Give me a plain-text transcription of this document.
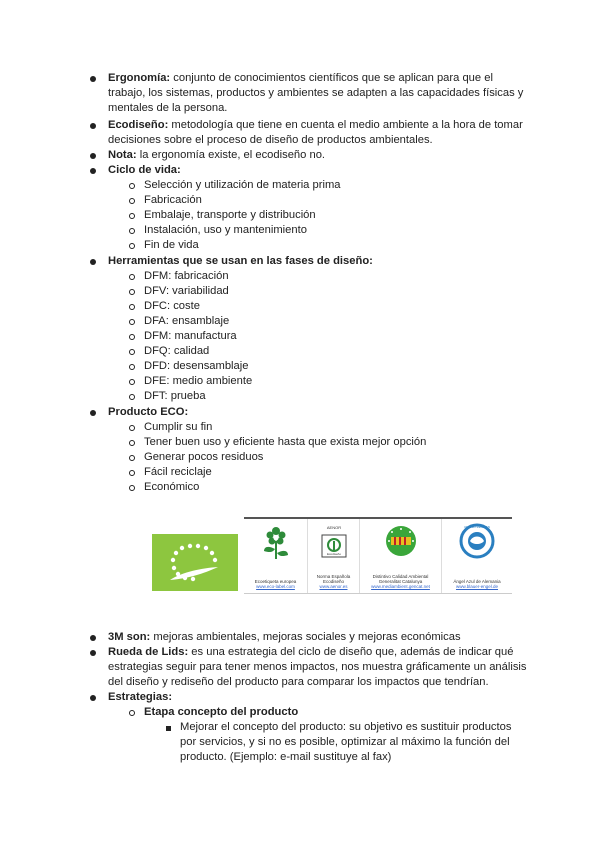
Ergonomía: conjunto de conocimientos científicos que se aplican para que el
trabajo, los sistemas, productos y ambientes se adapten a las capacidades físicas y
mentales de la persona.
Ecodiseño: metodología que tiene en cuenta el medio ambiente a la hora de tomar
decisiones sobre el proceso de diseño de productos ambientales.
Nota: la ergonomía existe, el ecodiseño no.
Ciclo de vida:
Selección y utilización de materia prima
Fabricación
Embalaje, transporte y distribución
Instalación, uso y mantenimiento
Fin de vida
Herramientas que se usan en las fases de diseño:
DFM: fabricación
DFV: variabilidad
DFC: coste
DFA: ensamblaje
DFM: manufactura
DFQ: calidad
DFD: desensamblaje
DFE: medio ambiente
DFT: prueba
Producto ECO:
Cumplir su fin
Tener buen uso y eficiente hasta que exista mejor opción
Generar pocos residuos
Fácil reciclaje
Económico
Ecoetiqueta europea
www.eco-label.com
AENOR
Ecodiseño
Norma Española Ecodiseño
www.aenor.es
Distintivo Calidad Ambiental Generalitat Catalunya
www.mediambient.gencat.net
UMWELTZEICHEN
Ángel Azul de Alemania
www.blauer-engel.de
3M son: mejoras ambientales, mejoras sociales y mejoras económicas
Rueda de Lids: es una estrategia del ciclo de diseño que, además de indicar qué
estrategias seguir para tener menos impactos, nos muestra gráficamente un análisis
del diseño y rediseño del producto para comparar los impactos que tendrían.
Estrategias:
Etapa concepto del producto
Mejorar el concepto del producto: su objetivo es sustituir productos
por servicios, y si no es posible, optimizar al máximo la función del
producto. (Ejemplo: e-mail sustituye al fax)
